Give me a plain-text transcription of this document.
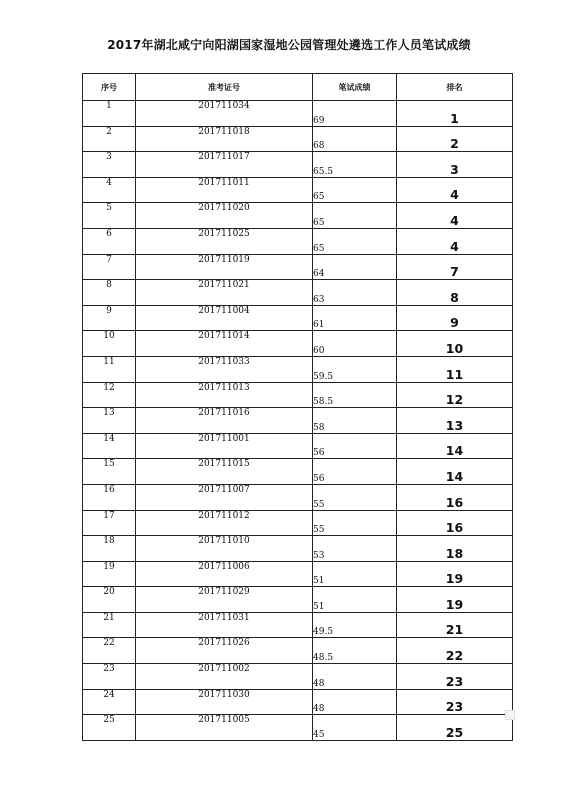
2017年湖北咸宁向阳湖国家湿地公园管理处遴选工作人员笔试成绩
序号	准考证号	笔试成绩	排名
1	201711034	69	1
2	201711018	68	2
3	201711017	65.5	3
4	201711011	65	4
5	201711020	65	4
6	201711025	65	4
7	201711019	64	7
8	201711021	63	8
9	201711004	61	9
10	201711014	60	10
11	201711033	59.5	11
12	201711013	58.5	12
13	201711016	58	13
14	201711001	56	14
15	201711015	56	14
16	201711007	55	16
17	201711012	55	16
18	201711010	53	18
19	201711006	51	19
20	201711029	51	19
21	201711031	49.5	21
22	201711026	48.5	22
23	201711002	48	23
24	201711030	48	23
25	201711005	45	25
